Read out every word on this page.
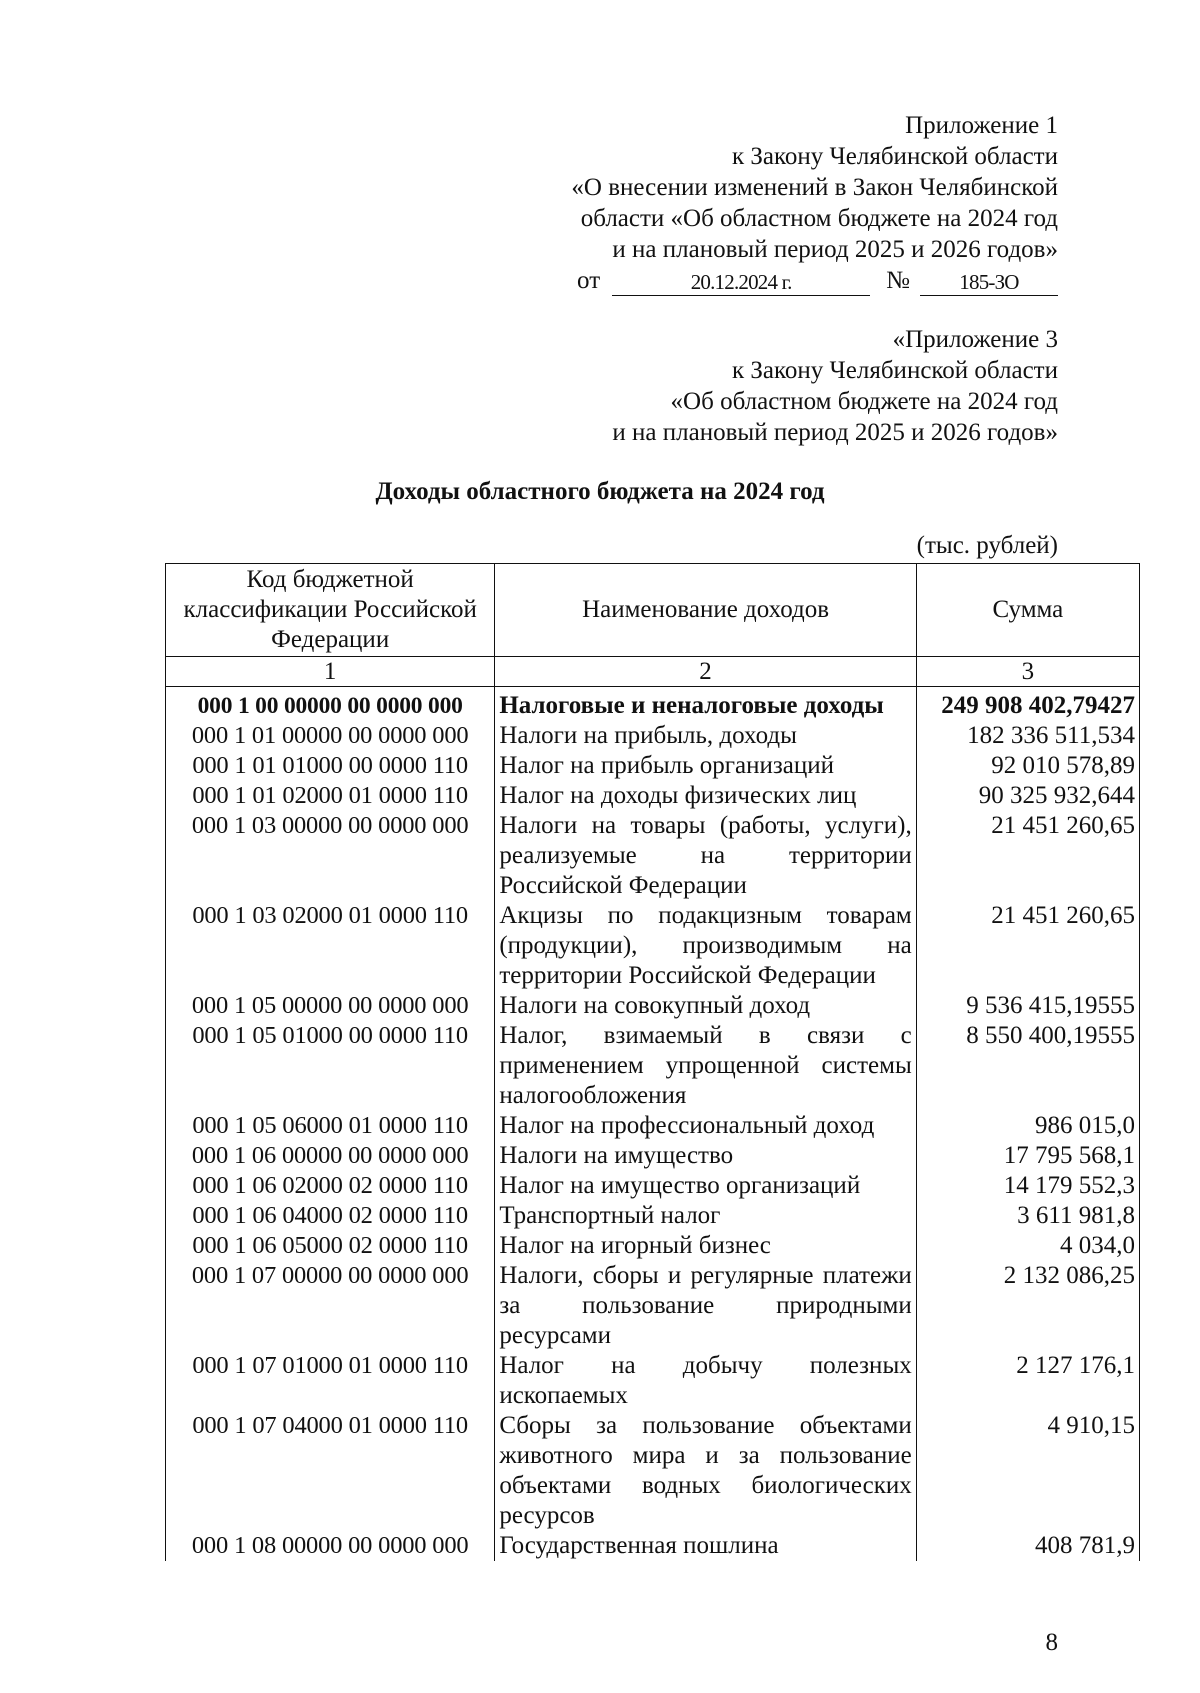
Приложение 1
к Закону Челябинской области
«О внесении изменений в Закон Челябинской
области «Об областном бюджете на 2024 год
и на плановый период 2025 и 2026 годов»
от	20.12.2024 г.	№	185-ЗО
«Приложение 3
к Закону Челябинской области
«Об областном бюджете на 2024 год
и на плановый период 2025 и 2026 годов»
Доходы областного бюджета на 2024 год
(тыс. рублей)
Код бюджетной классификации Российской Федерации	Наименование доходов	Сумма
1	2	3
000 1 00 00000 00 0000 000	Налоговые и неналоговые доходы	249 908 402,79427
000 1 01 00000 00 0000 000	Налоги на прибыль, доходы	182 336 511,534
000 1 01 01000 00 0000 110	Налог на прибыль организаций	92 010 578,89
000 1 01 02000 01 0000 110	Налог на доходы физических лиц	90 325 932,644
000 1 03 00000 00 0000 000	Налоги на товары (работы, услуги), реализуемые на территории Российской Федерации	21 451 260,65
000 1 03 02000 01 0000 110	Акцизы по подакцизным товарам (продукции), производимым на территории Российской Федерации	21 451 260,65
000 1 05 00000 00 0000 000	Налоги на совокупный доход	9 536 415,19555
000 1 05 01000 00 0000 110	Налог, взимаемый в связи с применением упрощенной системы налогообложения	8 550 400,19555
000 1 05 06000 01 0000 110	Налог на профессиональный доход	986 015,0
000 1 06 00000 00 0000 000	Налоги на имущество	17 795 568,1
000 1 06 02000 02 0000 110	Налог на имущество организаций	14 179 552,3
000 1 06 04000 02 0000 110	Транспортный налог	3 611 981,8
000 1 06 05000 02 0000 110	Налог на игорный бизнес	4 034,0
000 1 07 00000 00 0000 000	Налоги, сборы и регулярные платежи за пользование природными ресурсами	2 132 086,25
000 1 07 01000 01 0000 110	Налог на добычу полезных ископаемых	2 127 176,1
000 1 07 04000 01 0000 110	Сборы за пользование объектами животного мира и за пользование объектами водных биологических ресурсов	4 910,15
000 1 08 00000 00 0000 000	Государственная пошлина	408 781,9
8
